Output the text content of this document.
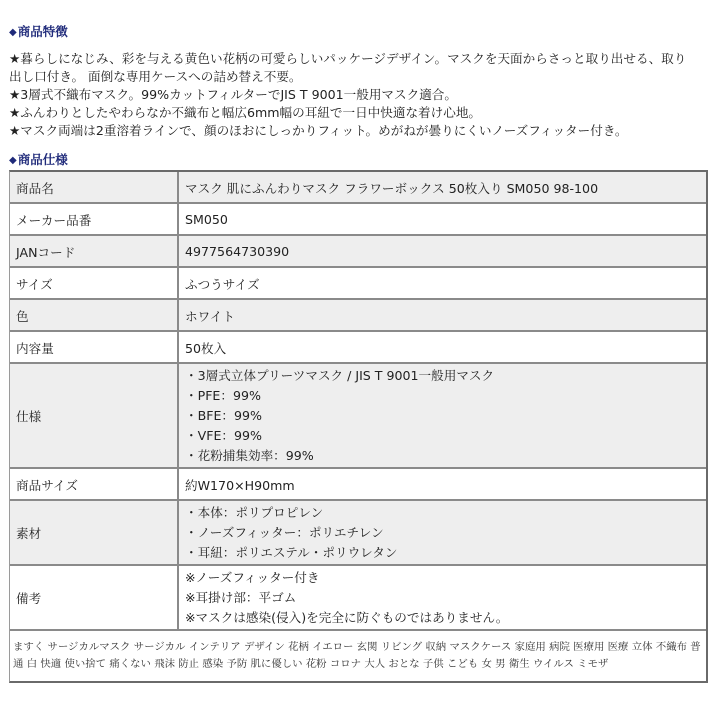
◆商品特徴
★暮らしになじみ、彩を与える黄色い花柄の可愛らしいパッケージデザイン。マスクを天面からさっと取り出せる、取り
出し口付き。 面倒な専用ケースへの詰め替え不要。
★3層式不織布マスク。99%カットフィルターでJIS T 9001一般用マスク適合。
★ふんわりとしたやわらなか不織布と幅広6mm幅の耳紐で一日中快適な着け心地。
★マスク両端は2重溶着ラインで、顔のほおにしっかりフィット。めがねが曇りにくいノーズフィッター付き。
◆商品仕様
商品名	マスク 肌にふんわりマスク フラワーボックス 50枚入り SM050 98-100
メーカー品番	SM050
JANコード	4977564730390
サイズ	ふつうサイズ
色	ホワイト
内容量	50枚入
仕様	・3層式立体プリーツマスク / JIS T 9001一般用マスク
・PFE：99%
・BFE：99%
・VFE：99%
・花粉捕集効率：99%

商品サイズ	約W170×H90mm
素材	・本体：ポリプロピレン
・ノーズフィッター：ポリエチレン
・耳紐：ポリエステル・ポリウレタン

備考	※ノーズフィッター付き
※耳掛け部：平ゴム
※マスクは感染(侵入)を完全に防ぐものではありません。

ますく サージカルマスク サージカル インテリア デザイン 花柄 イエロー 玄関 リビング 収納 マスクケース 家庭用 病院 医療用 医療 立体 不織布 普通 白 快適 使い捨て 痛くない 飛沫 防止 感染 予防 肌に優しい 花粉 コロナ 大人 おとな 子供 こども 女 男 衛生 ウイルス ミモザ	
